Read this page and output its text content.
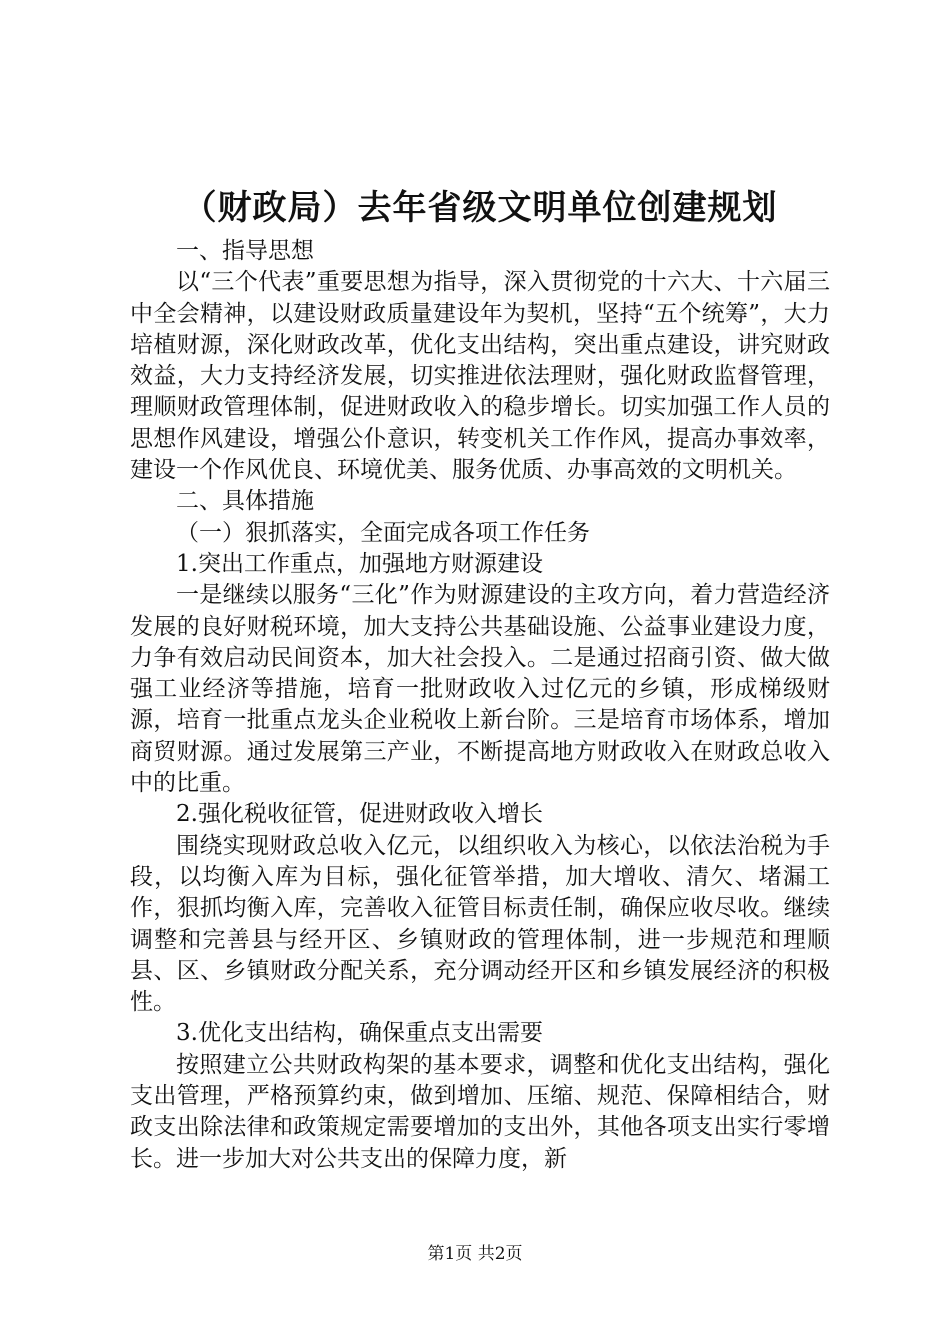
（财政局）去年省级文明单位创建规划

一、指导思想

以“三个代表”重要思想为指导，深入贯彻党的十六大、十六届三中全会精神，以建设财政质量建设年为契机，坚持“五个统筹”，大力培植财源，深化财政改革，优化支出结构，突出重点建设，讲究财政效益，大力支持经济发展，切实推进依法理财，强化财政监督管理，理顺财政管理体制，促进财政收入的稳步增长。切实加强工作人员的思想作风建设，增强公仆意识，转变机关工作作风，提高办事效率，建设一个作风优良、环境优美、服务优质、办事高效的文明机关。

二、具体措施

（一）狠抓落实，全面完成各项工作任务

1.突出工作重点，加强地方财源建设

一是继续以服务“三化”作为财源建设的主攻方向，着力营造经济发展的良好财税环境，加大支持公共基础设施、公益事业建设力度，力争有效启动民间资本，加大社会投入。二是通过招商引资、做大做强工业经济等措施，培育一批财政收入过亿元的乡镇，形成梯级财源，培育一批重点龙头企业税收上新台阶。三是培育市场体系，增加商贸财源。通过发展第三产业，不断提高地方财政收入在财政总收入中的比重。

2.强化税收征管，促进财政收入增长

围绕实现财政总收入亿元，以组织收入为核心，以依法治税为手段，以均衡入库为目标，强化征管举措，加大增收、清欠、堵漏工作，狠抓均衡入库，完善收入征管目标责任制，确保应收尽收。继续调整和完善县与经开区、乡镇财政的管理体制，进一步规范和理顺县、区、乡镇财政分配关系，充分调动经开区和乡镇发展经济的积极性。

3.优化支出结构，确保重点支出需要

按照建立公共财政构架的基本要求，调整和优化支出结构，强化支出管理，严格预算约束，做到增加、压缩、规范、保障相结合，财政支出除法律和政策规定需要增加的支出外，其他各项支出实行零增长。进一步加大对公共支出的保障力度，新

第1页 共2页
